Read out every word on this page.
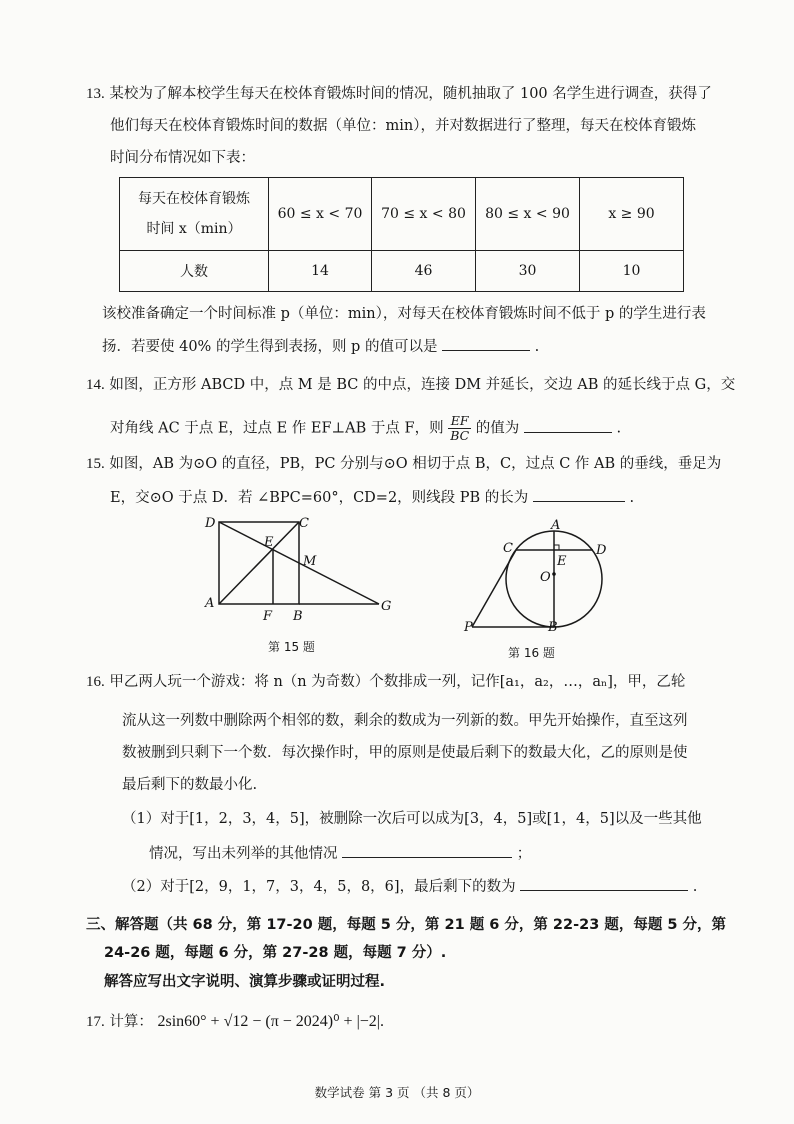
13. 某校为了解本校学生每天在校体育锻炼时间的情况，随机抽取了 100 名学生进行调查，获得了
他们每天在校体育锻炼时间的数据（单位：min），并对数据进行了整理，每天在校体育锻炼
时间分布情况如下表：
每天在校体育锻炼
时间 x（min）	60 ≤ x < 70	70 ≤ x < 80	80 ≤ x < 90	x ≥ 90
人数	14	46	30	10
该校准备确定一个时间标准 p（单位：min），对每天在校体育锻炼时间不低于 p 的学生进行表
扬．若要使 40% 的学生得到表扬，则 p 的值可以是	.
14. 如图，正方形 ABCD 中，点 M 是 BC 的中点，连接 DM 并延长，交边 AB 的延长线于点 G，交
对角线 AC 于点 E，过点 E 作 EF⊥AB 于点 F，则 $\frac{EF}{BC}$ 的值为	.
15. 如图，AB 为⊙O 的直径，PB，PC 分别与⊙O 相切于点 B，C，过点 C 作 AB 的垂线，垂足为
E，交⊙O 于点 D．若 ∠BPC=60°，CD=2，则线段 PB 的长为	.
D	C
E
M
A
F B
G
第 15 题
A
C
E
D
O
P	B
第 16 题
16. 甲乙两人玩一个游戏：将 n（n 为奇数）个数排成一列，记作[a₁，a₂，…，aₙ]，甲，乙轮
流从这一列数中删除两个相邻的数，剩余的数成为一列新的数。甲先开始操作，直至这列
数被删到只剩下一个数．每次操作时，甲的原则是使最后剩下的数最大化，乙的原则是使
最后剩下的数最小化.
（1）对于[1，2，3，4，5]，被删除一次后可以成为[3，4，5]或[1，4，5]以及一些其他
情况，写出未列举的其他情况	；
（2）对于[2，9，1，7，3，4，5，8，6]，最后剩下的数为	.
三、解答题（共 68 分，第 17-20 题，每题 5 分，第 21 题 6 分，第 22-23 题，每题 5 分，第
24-26 题，每题 6 分，第 27-28 题，每题 7 分）.
解答应写出文字说明、演算步骤或证明过程.
17. 计算： 2sin60° + √12 − (π − 2024)⁰ + |−2|.
数学试卷 第 3 页 （共 8 页）
